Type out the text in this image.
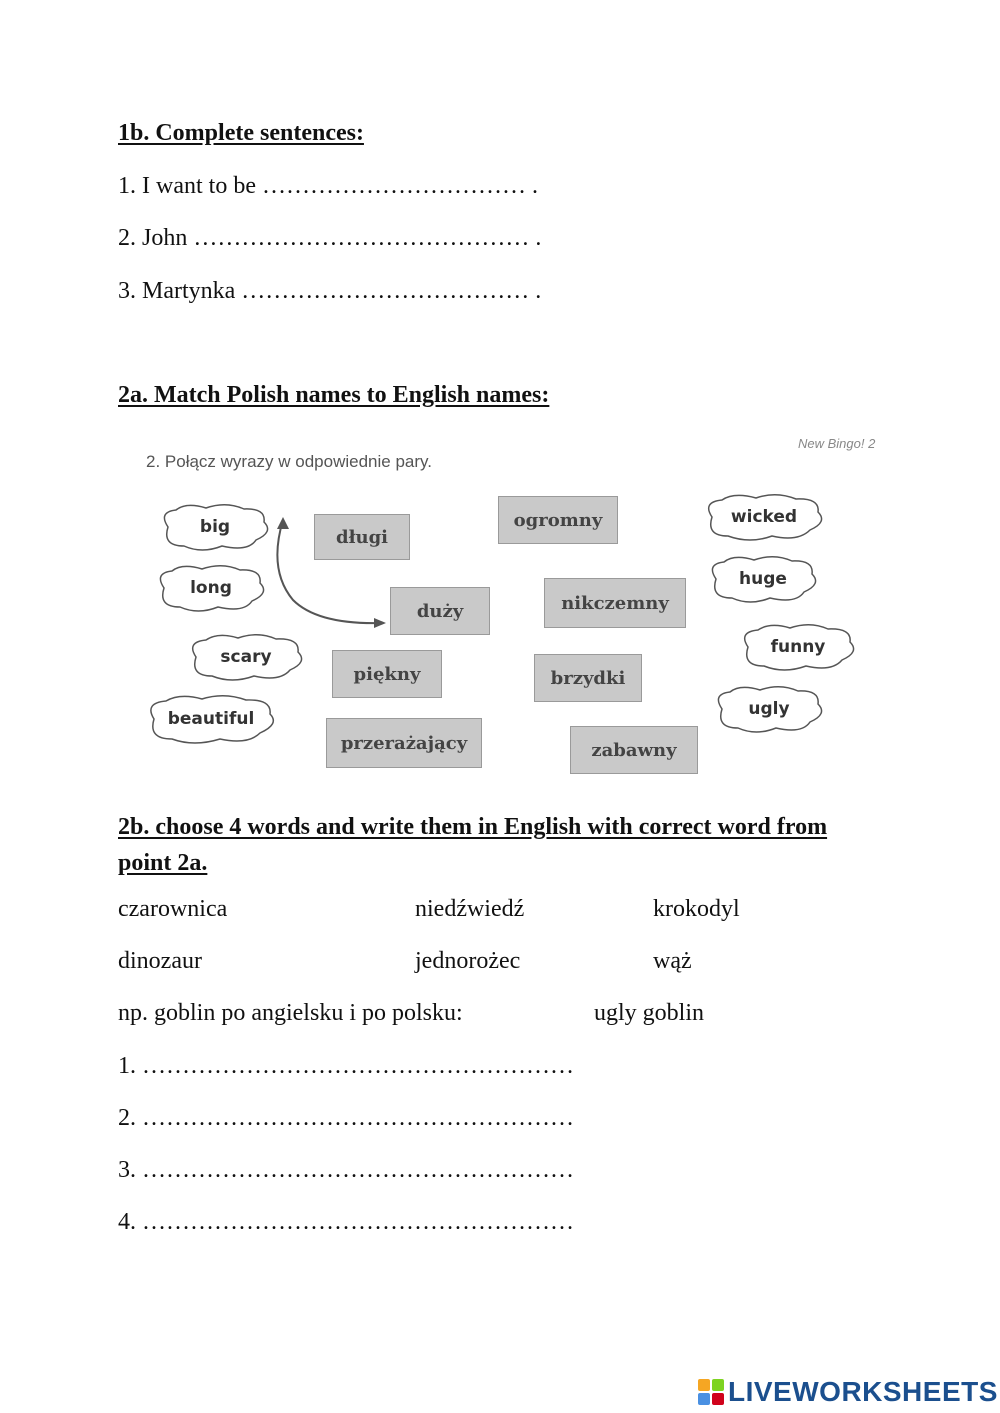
1b. Complete sentences:
1. I want to be …………………………… .
2. John …………………………………… .
3. Martynka ……………………………… .
2a. Match Polish names to English names:
New Bingo! 2
2. Połącz wyrazy w odpowiednie pary.
big
long
scary
beautiful
wicked
huge
funny
ugly
długi
ogromny
duży	nikczemny
piękny	brzydki
przerażający	zabawny
2b. choose 4 words and write them in English with correct word from point 2a.
czarownica	niedźwiedź	krokodyl
dinozaur	jednorożec	wąż
np. goblin po angielsku i po polsku:	ugly goblin
1. ………………………………………………
2. ………………………………………………
3. ………………………………………………
4. ………………………………………………
LIVEWORKSHEETS
